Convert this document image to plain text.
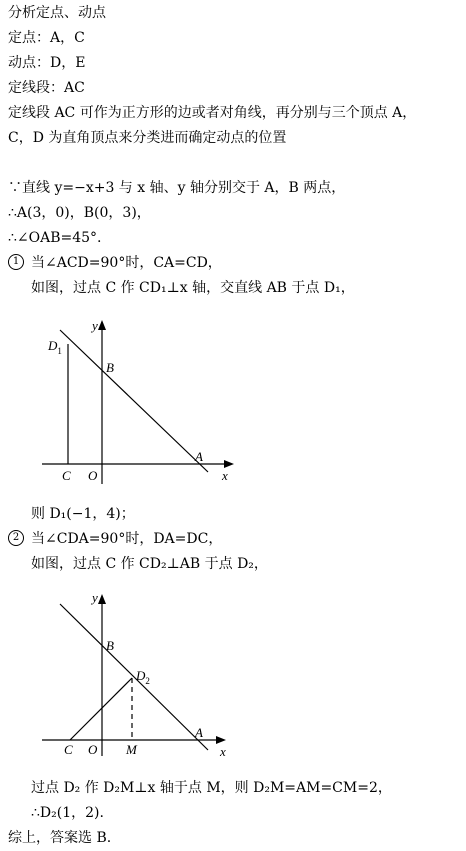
分析定点、动点
定点：A，C
动点：D，E
定线段：AC
定线段 AC 可作为正方形的边或者对角线，再分别与三个顶点 A，
C，D 为直角顶点来分类进而确定动点的位置
∵直线 y=−x+3 与 x 轴、y 轴分别交于 A，B 两点，
∴A(3，0)，B(0，3)，
∴∠OAB=45°.
1 当∠ACD=90°时，CA=CD，
如图，过点 C 作 CD₁⊥x 轴，交直线 AB 于点 D₁，
y
x
$D_1$
B
A
C O
则 D₁(−1，4)；
2 当∠CDA=90°时，DA=DC，
如图，过点 C 作 CD₂⊥AB 于点 D₂，
y
x
$D_2$
B
A
C O M
过点 D₂ 作 D₂M⊥x 轴于点 M，则 D₂M=AM=CM=2，
∴D₂(1，2).
综上，答案选 B.
